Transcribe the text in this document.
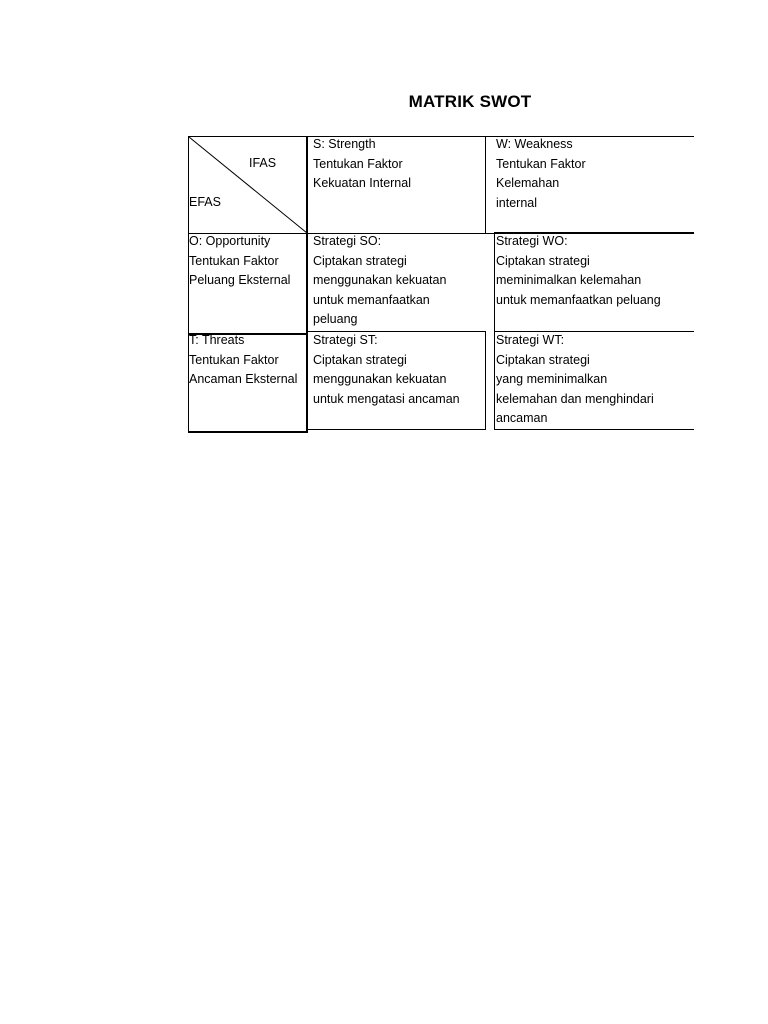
MATRIK SWOT
IFAS
EFAS
S: Strength
Tentukan Faktor
Kekuatan Internal
W: Weakness
Tentukan Faktor
Kelemahan
internal
O: Opportunity
Tentukan Faktor
Peluang Eksternal
Strategi SO:
Ciptakan strategi
menggunakan kekuatan
untuk memanfaatkan
peluang
Strategi WO:
Ciptakan strategi
meminimalkan kelemahan
untuk memanfaatkan peluang
T: Threats
Tentukan Faktor
Ancaman Eksternal
Strategi ST:
Ciptakan strategi
menggunakan kekuatan
untuk mengatasi ancaman
Strategi WT:
Ciptakan strategi
yang meminimalkan
kelemahan dan menghindari
ancaman
